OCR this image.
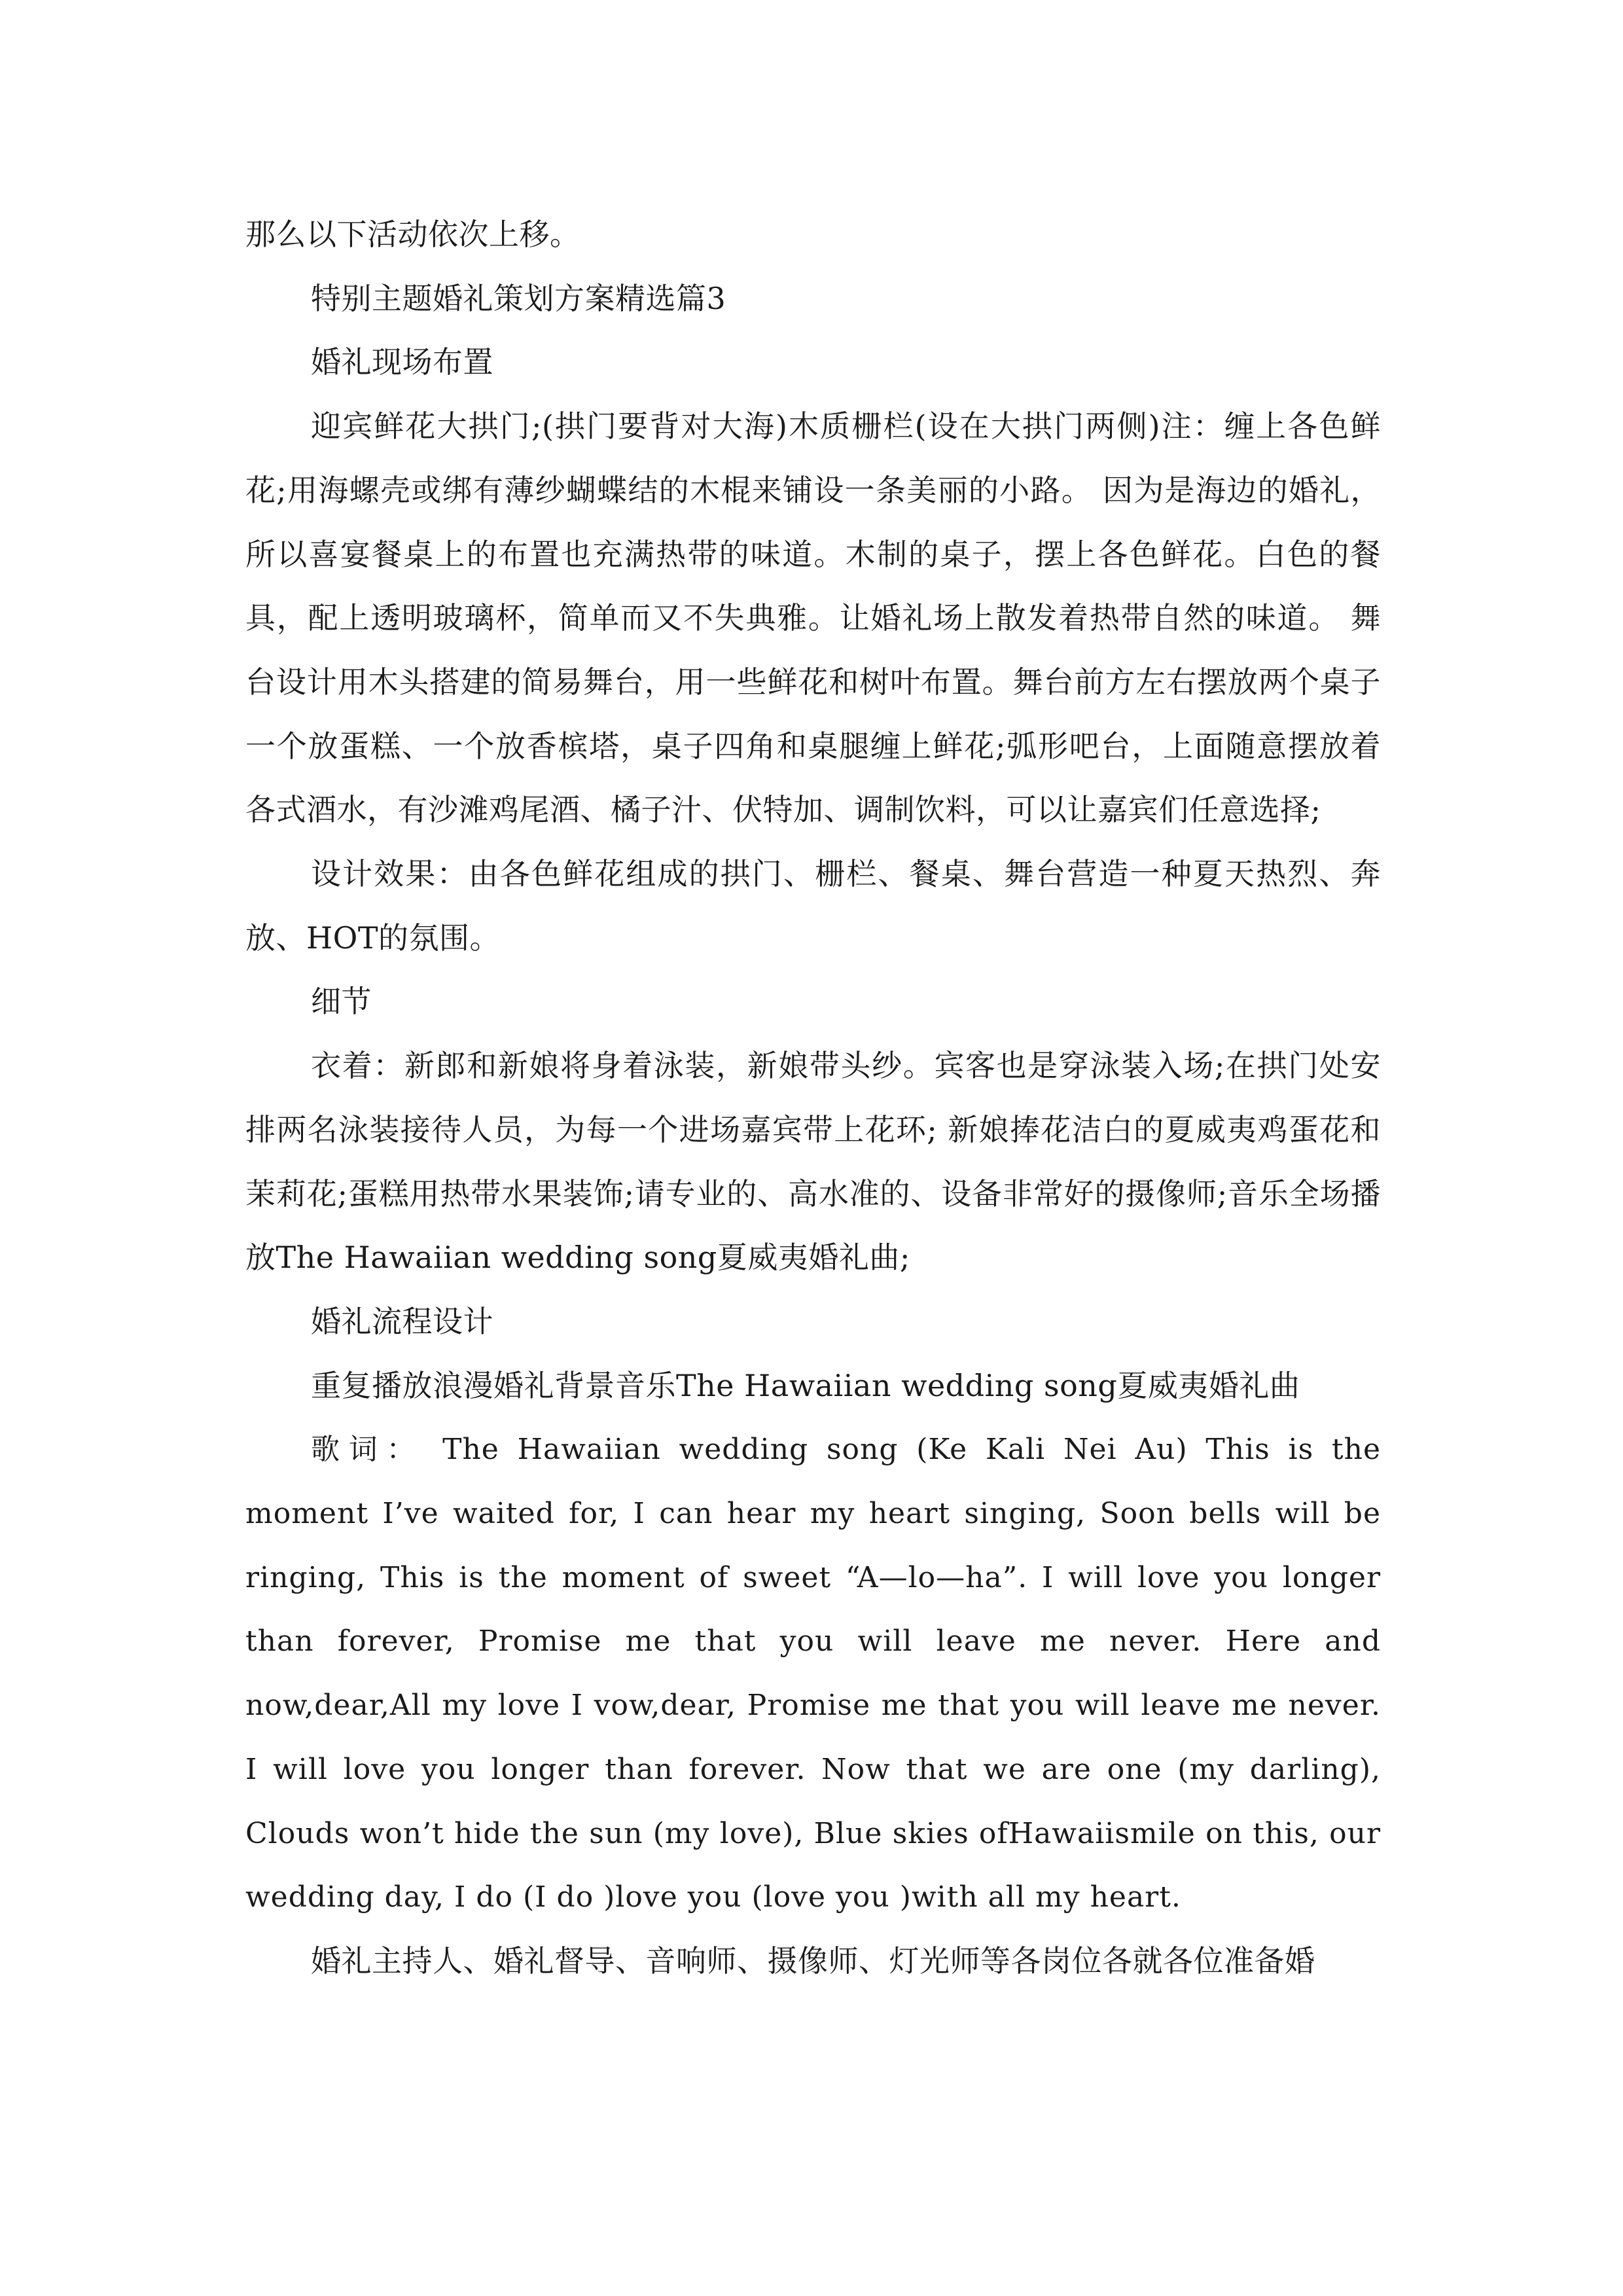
那么以下活动依次上移。

特别主题婚礼策划方案精选篇3

婚礼现场布置

迎宾鲜花大拱门;(拱门要背对大海)木质栅栏(设在大拱门两侧)注：缠上各色鲜花;用海螺壳或绑有薄纱蝴蝶结的木棍来铺设一条美丽的小路。 因为是海边的婚礼，所以喜宴餐桌上的布置也充满热带的味道。木制的桌子，摆上各色鲜花。白色的餐具，配上透明玻璃杯，简单而又不失典雅。让婚礼场上散发着热带自然的味道。 舞台设计用木头搭建的简易舞台，用一些鲜花和树叶布置。舞台前方左右摆放两个桌子一个放蛋糕、一个放香槟塔，桌子四角和桌腿缠上鲜花;弧形吧台，上面随意摆放着各式酒水，有沙滩鸡尾酒、橘子汁、伏特加、调制饮料，可以让嘉宾们任意选择;

设计效果：由各色鲜花组成的拱门、栅栏、餐桌、舞台营造一种夏天热烈、奔放、HOT的氛围。

细节

衣着：新郎和新娘将身着泳装，新娘带头纱。宾客也是穿泳装入场;在拱门处安排两名泳装接待人员，为每一个进场嘉宾带上花环; 新娘捧花洁白的夏威夷鸡蛋花和茉莉花;蛋糕用热带水果装饰;请专业的、高水准的、设备非常好的摄像师;音乐全场播放The Hawaiian wedding song夏威夷婚礼曲;

婚礼流程设计

重复播放浪漫婚礼背景音乐The Hawaiian wedding song夏威夷婚礼曲

歌词： The Hawaiian wedding song (Ke Kali Nei Au) This is the moment I’ve waited for, I can hear my heart singing, Soon bells will be ringing, This is the moment of sweet “A—lo—ha”. I will love you longer than forever, Promise me that you will leave me never. Here and now,dear,All my love I vow,dear, Promise me that you will leave me never. I will love you longer than forever. Now that we are one (my darling), Clouds won’t hide the sun (my love), Blue skies ofHawaiismile on this, our wedding day, I do (I do )love you (love you )with all my heart.

婚礼主持人、婚礼督导、音响师、摄像师、灯光师等各岗位各就各位准备婚
